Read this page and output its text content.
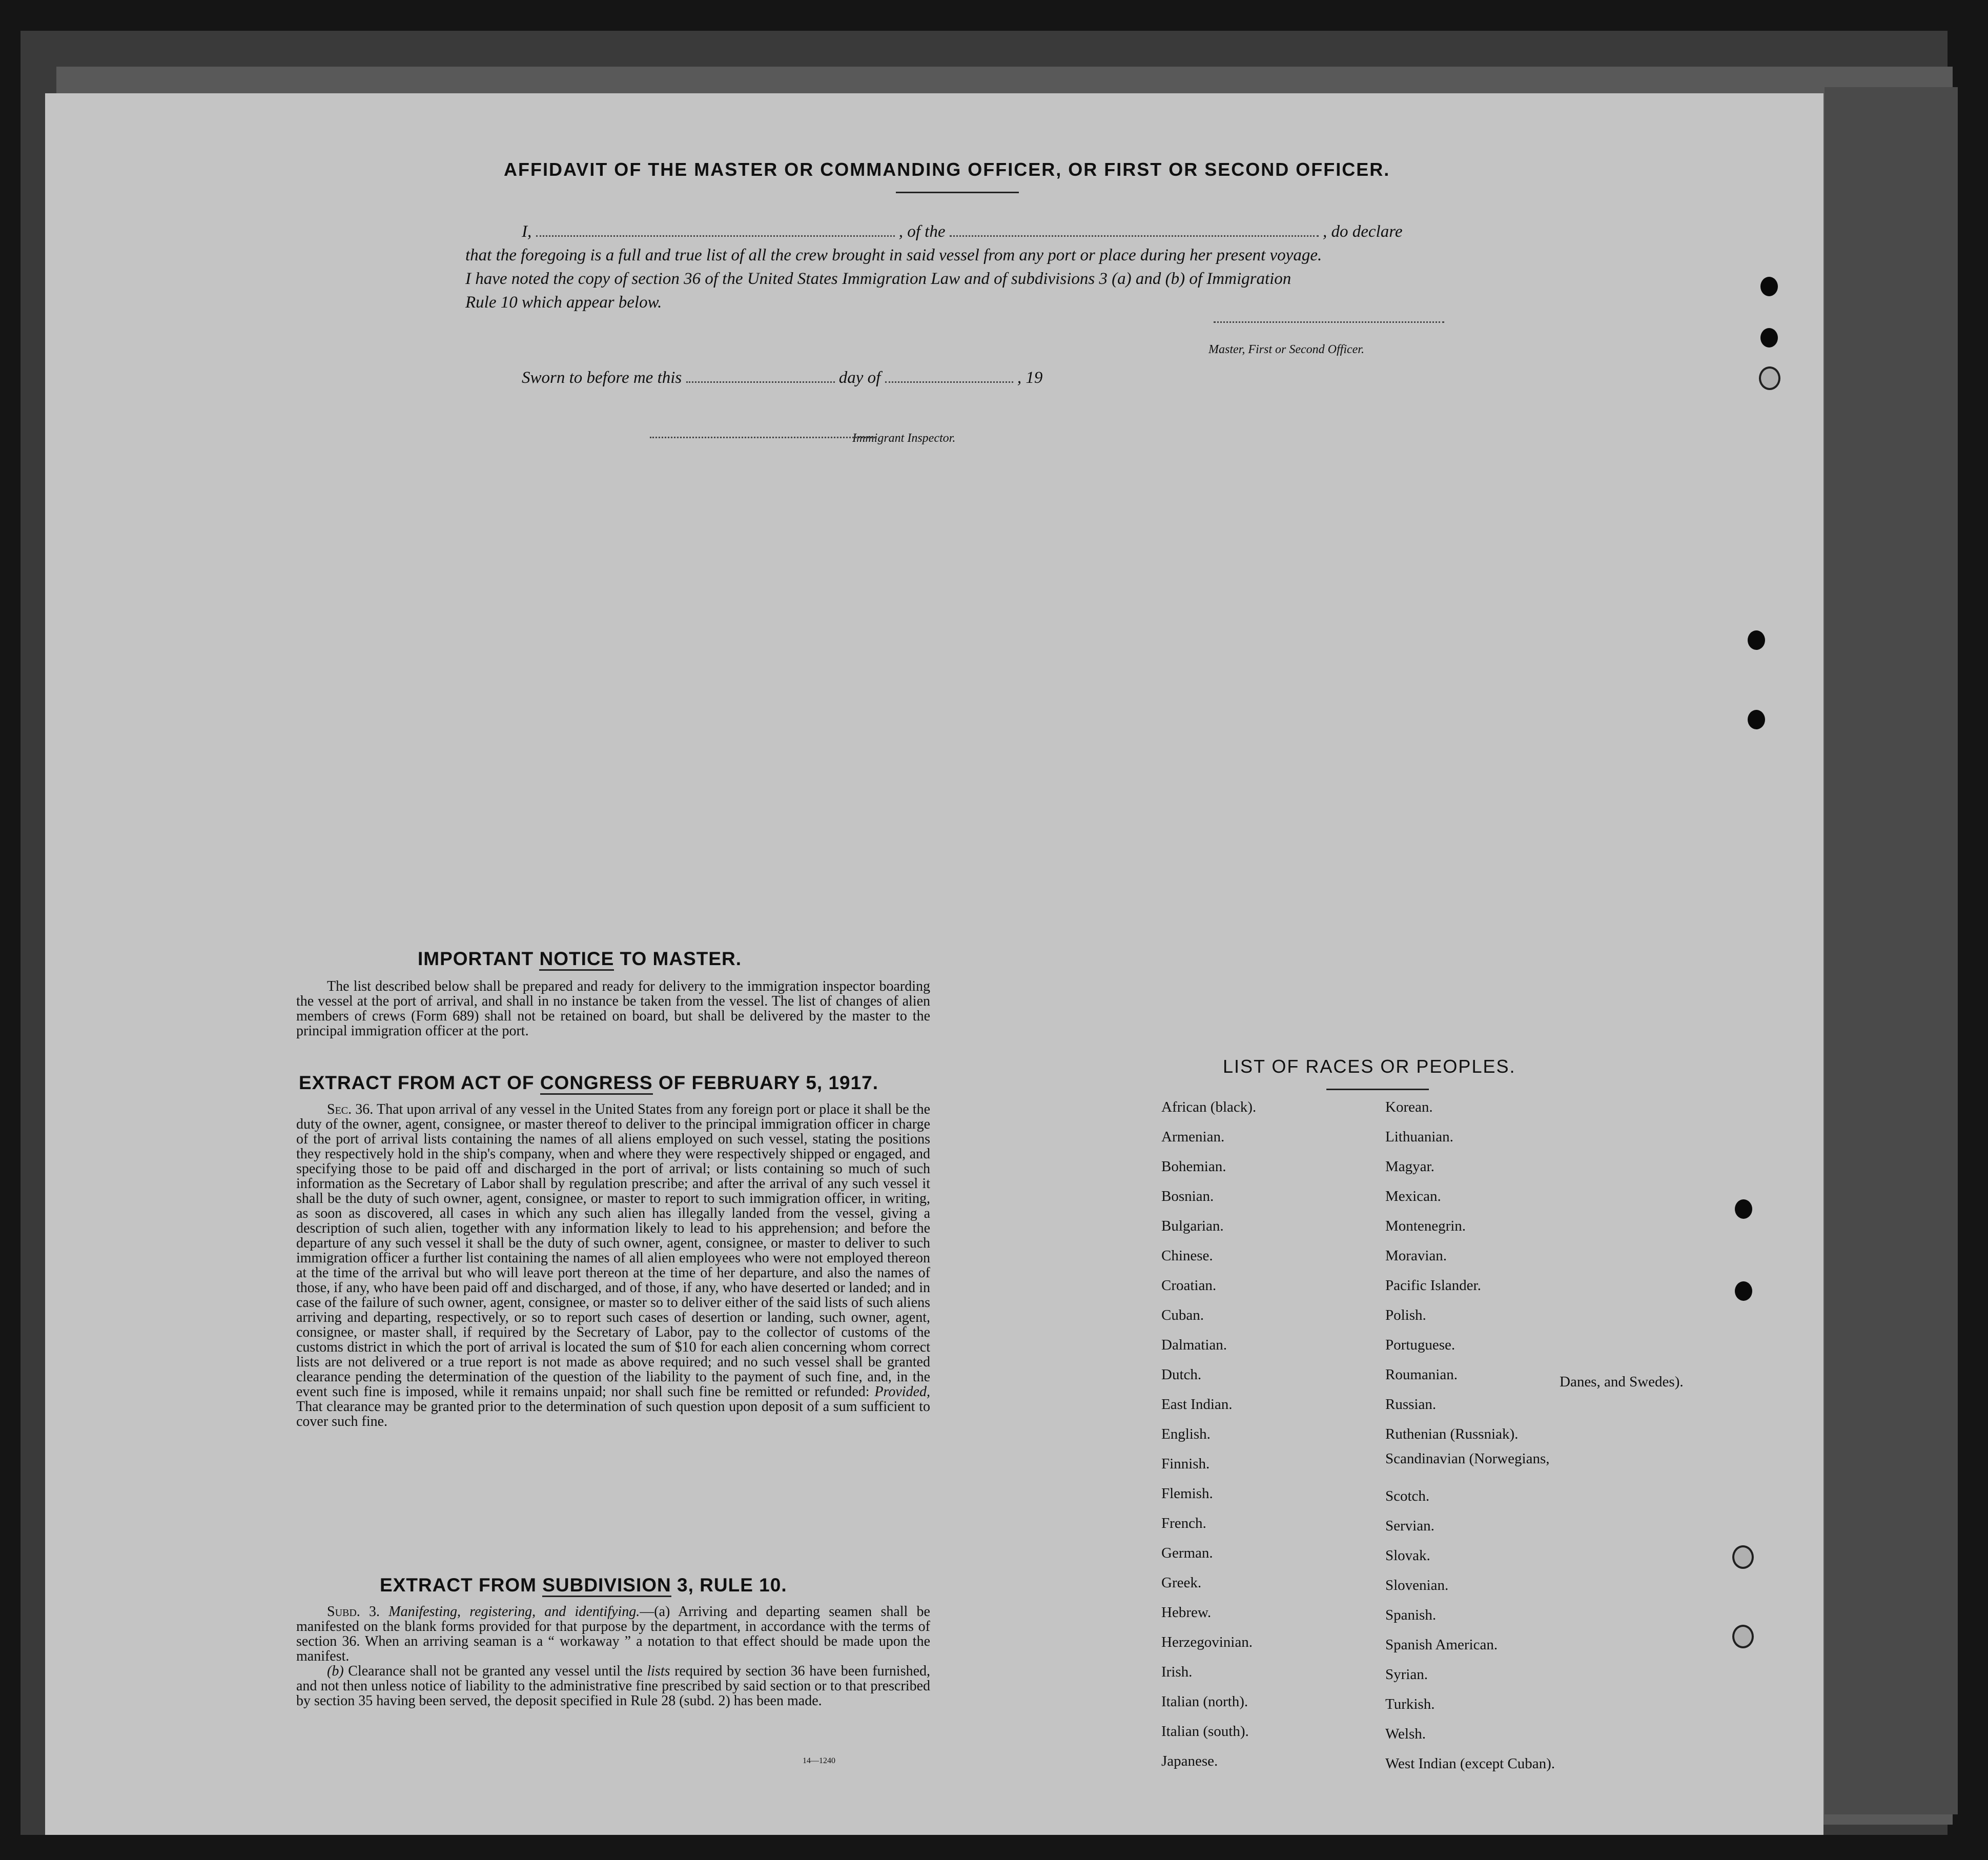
AFFIDAVIT OF THE MASTER OR COMMANDING OFFICER, OR FIRST OR SECOND OFFICER.
I,	, of the	, do declare
that the foregoing is a full and true list of all the crew brought in said vessel from any port or place during her present voyage.
I have noted the copy of section 36 of the United States Immigration Law and of subdivisions 3 (a) and (b) of Immigration
Rule 10 which appear below.
Master, First or Second Officer.
Sworn to before me this	day of	, 19
Immigrant Inspector.
IMPORTANT NOTICE TO MASTER.

The list described below shall be prepared and ready for delivery to the immigration inspector boarding the vessel at the port of arrival, and shall in no instance be taken from the vessel. The list of changes of alien members of crews (Form 689) shall not be retained on board, but shall be delivered by the master to the principal immigration officer at the port.

EXTRACT FROM ACT OF CONGRESS OF FEBRUARY 5, 1917.

Sec. 36. That upon arrival of any vessel in the United States from any foreign port or place it shall be the duty of the owner, agent, consignee, or master thereof to deliver to the principal immigration officer in charge of the port of arrival lists containing the names of all aliens employed on such vessel, stating the positions they respectively hold in the ship's company, when and where they were respectively shipped or engaged, and specifying those to be paid off and discharged in the port of arrival; or lists containing so much of such information as the Secretary of Labor shall by regulation prescribe; and after the arrival of any such vessel it shall be the duty of such owner, agent, consignee, or master to report to such immigration officer, in writing, as soon as discovered, all cases in which any such alien has illegally landed from the vessel, giving a description of such alien, together with any information likely to lead to his apprehension; and before the departure of any such vessel it shall be the duty of such owner, agent, consignee, or master to deliver to such immigration officer a further list containing the names of all alien employees who were not employed thereon at the time of the arrival but who will leave port thereon at the time of her departure, and also the names of those, if any, who have been paid off and discharged, and of those, if any, who have deserted or landed; and in case of the failure of such owner, agent, consignee, or master so to deliver either of the said lists of such aliens arriving and departing, respectively, or so to report such cases of desertion or landing, such owner, agent, consignee, or master shall, if required by the Secretary of Labor, pay to the collector of customs of the customs district in which the port of arrival is located the sum of $10 for each alien concerning whom correct lists are not delivered or a true report is not made as above required; and no such vessel shall be granted clearance pending the determination of the question of the liability to the payment of such fine, and, in the event such fine is imposed, while it remains unpaid; nor shall such fine be remitted or refunded: Provided, That clearance may be granted prior to the determination of such question upon deposit of a sum sufficient to cover such fine.

EXTRACT FROM SUBDIVISION 3, RULE 10.

Subd. 3. Manifesting, registering, and identifying.—(a) Arriving and departing seamen shall be manifested on the blank forms provided for that purpose by the department, in accordance with the terms of section 36. When an arriving seaman is a “ workaway ” a notation to that effect should be made upon the manifest.

(b) Clearance shall not be granted any vessel until the lists required by section 36 have been furnished, and not then unless notice of liability to the administrative fine prescribed by said section or to that prescribed by section 35 having been served, the deposit specified in Rule 28 (subd. 2) has been made.

14—1240
LIST OF RACES OR PEOPLES.
Danes, and Swedes).
African (black).
Armenian.
Bohemian.
Bosnian.
Bulgarian.
Chinese.
Croatian.
Cuban.
Dalmatian.
Dutch.
East Indian.
English.
Finnish.
Flemish.
French.
German.
Greek.
Hebrew.
Herzegovinian.
Irish.
Italian (north).
Italian (south).
Japanese.
Korean.
Lithuanian.
Magyar.
Mexican.
Montenegrin.
Moravian.
Pacific Islander.
Polish.
Portuguese.
Roumanian.
Russian.
Ruthenian (Russniak).
Scandinavian (Norwegians,
Scotch.
Servian.
Slovak.
Slovenian.
Spanish.
Spanish American.
Syrian.
Turkish.
Welsh.
West Indian (except Cuban).
